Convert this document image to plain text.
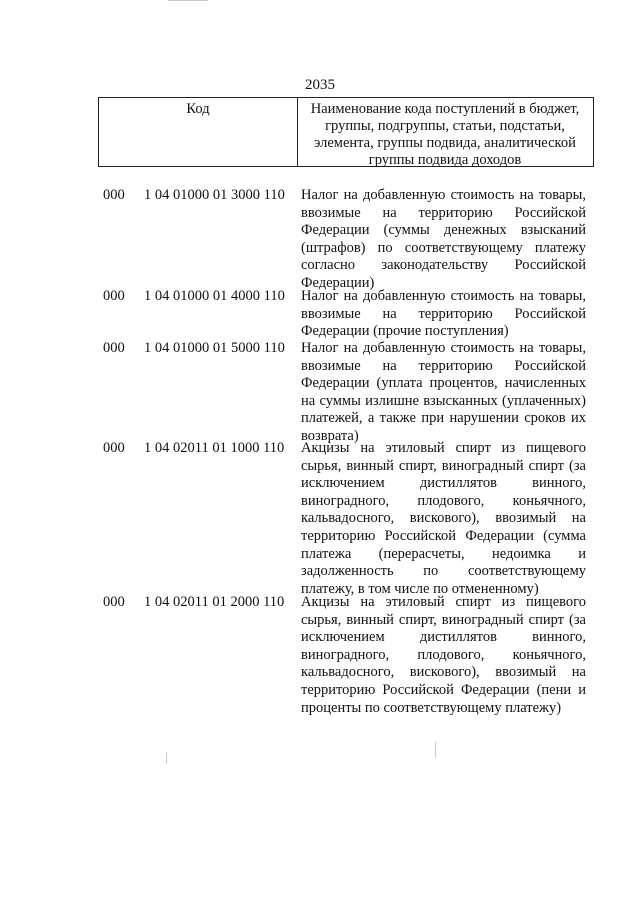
2035
Код	Наименование кода поступлений в бюджет, группы, подгруппы, статьи, подстатьи, элемента, группы подвида, аналитической группы подвида доходов
000 1 04 01000 01 3000 110 Налог на добавленную стоимость на товары, ввозимые на территорию Российской Федерации (суммы денежных взысканий (штрафов) по соответствующему платежу согласно законодательству Российской Федерации)
000 1 04 01000 01 4000 110 Налог на добавленную стоимость на товары, ввозимые на территорию Российской Федерации (прочие поступления)
000 1 04 01000 01 5000 110 Налог на добавленную стоимость на товары, ввозимые на территорию Российской Федерации (уплата процентов, начисленных на суммы излишне взысканных (уплаченных) платежей, а также при нарушении сроков их возврата)
000 1 04 02011 01 1000 110 Акцизы на этиловый спирт из пищевого сырья, винный спирт, виноградный спирт (за исключением дистиллятов винного, виноградного, плодового, коньячного, кальвадосного, вискового), ввозимый на территорию Российской Федерации (сумма платежа (перерасчеты, недоимка и задолженность по соответствующему платежу, в том числе по отмененному)
000 1 04 02011 01 2000 110 Акцизы на этиловый спирт из пищевого сырья, винный спирт, виноградный спирт (за исключением дистиллятов винного, виноградного, плодового, коньячного, кальвадосного, вискового), ввозимый на территорию Российской Федерации (пени и проценты по соответствующему платежу)
